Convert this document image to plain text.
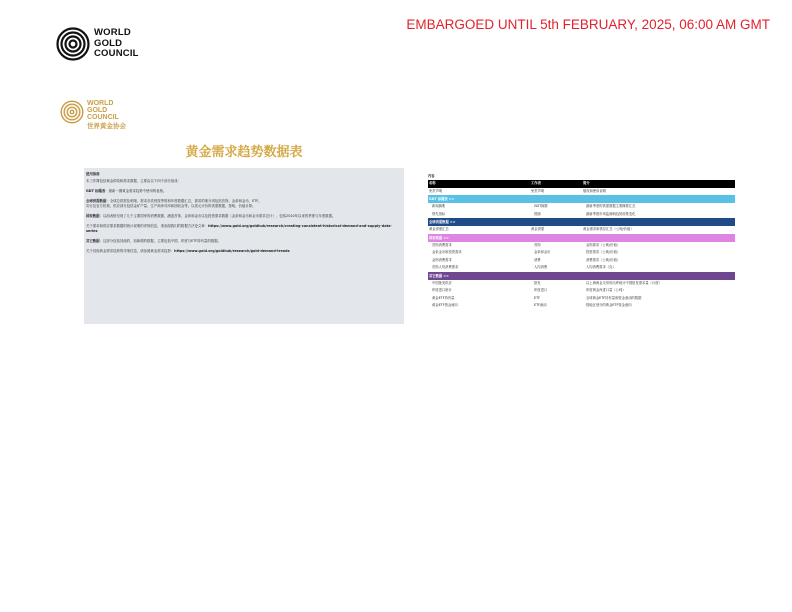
EMBARGOED UNTIL 5th FEBRUARY, 2025, 06:00 AM GMT
WORLD
GOLD
COUNCIL
WORLD
GOLD
COUNCIL
世界黄金协会
黄金需求趋势数据表

使用指南

本工作簿包括黄金供给和需求数据，主要由以下四个部分组成：

GDT 标题表：最新一期黄金需求趋势中使用的表格。

全球供需数据：全球总供需及明细，需求各类别按季度和年度数据汇总，需求的细分项包括首饰、金条和金币、ETF。
央行及官方机构，供应部分包括金矿产量、生产商净对冲和回收金等。以美元计价的供需数据，按吨、价值计算。

国家数据：以前表格呈现了几个主要国家的消费数据，涵盖首饰、金条和金币以及投资需求数据（金条和金币和金币需求总计），包括2010年以来的季度与年度数据。

关于需求和供应需求数据的统计说明的详细信息，请参阅我们的数据方法论文章：https://www.gold.org/goldhub/research/creating-consistent-historical-demand-and-supply-data-series

其它数据：这部分包括其他的，如新增的数据，主要包括中国、印度与ETF持有量的数据。

关于其他黄金需求趋势的详细信息，请参阅黄金需求趋势：https://www.gold.org/goldhub/research/gold-demand-trends

内容
名称	工作表	简介
免责声明	免责声明	版权和使用说明
GDT 标题表 >>
新闻摘要	GDT摘要	最新季度的供需数据主要概要汇总
领先指标	预测	最新季度市场监测和趋势前景变化
全球供需数据 >>
黄金供需汇总	黄金供需	黄金需求和供应汇总（公吨/价值）
国家数据 >>
首饰消费需求	首饰	金饰需求（公吨/价值）
金条金币和投资需求	金条和金币	投资需求（公吨/价值）
金饰消费需求	消费	消费需求（公吨/价值）
首饰人均消费需求	人均消费	人均消费需求（克）
其它数据 >>
中国批发供应	批发	以上海黄金交易所出库统计中国批发需求量（月度）
印度进口统计	印度进口	印度黄金净进口量（公吨）
黄金ETF持有量	ETF	全球黄金ETF持有量和资金流动的数据
黄金ETF资金流向	ETF流动	按地区划分的黄金ETF资金流向
